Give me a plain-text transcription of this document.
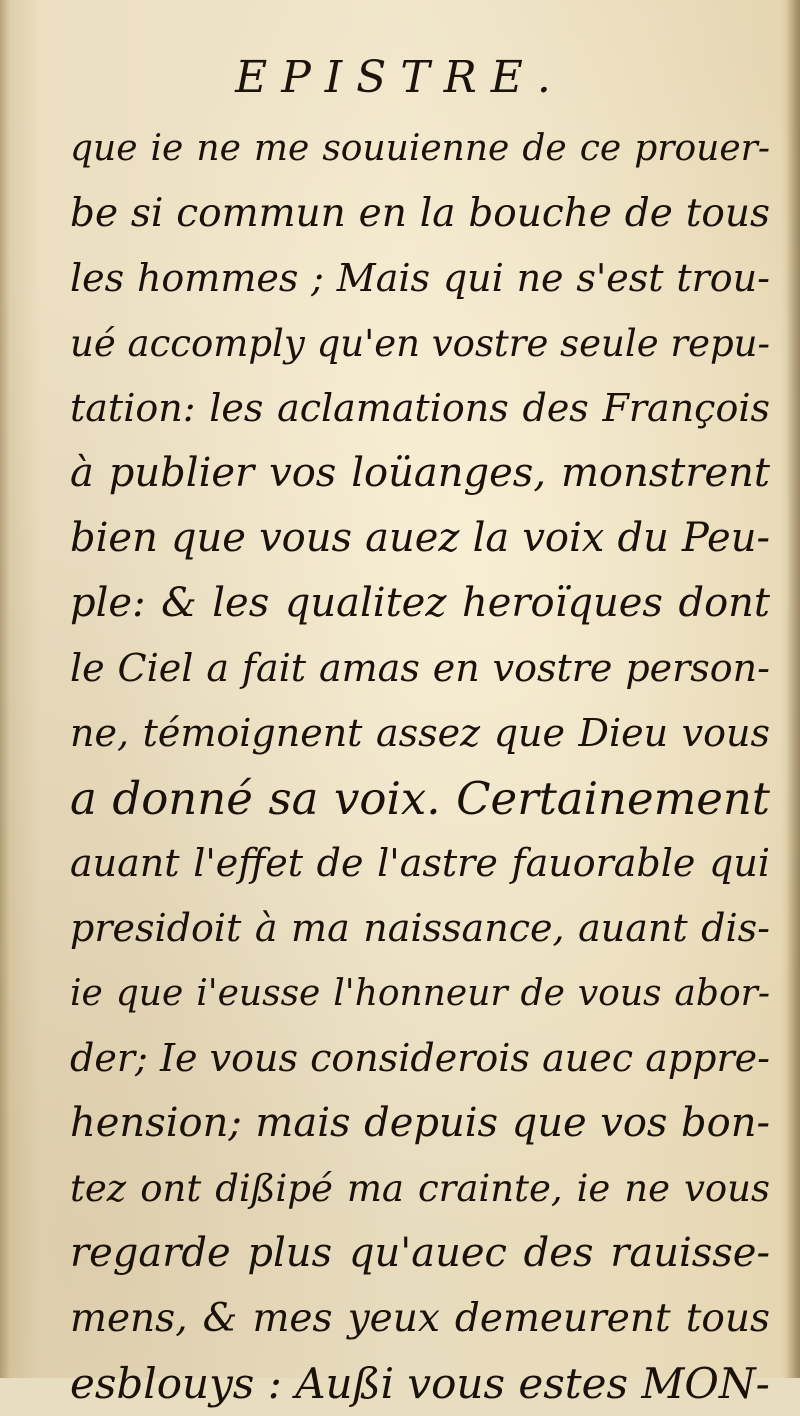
EPISTRE.
que ie ne me souuienne de ce prouer-
be si commun en la bouche de tous
les hommes ; Mais qui ne s'est trou-
ué accomply qu'en vostre seule repu-
tation: les aclamations des François
à publier vos loüanges, monstrent
bien que vous auez la voix du Peu-
ple: & les qualitez heroïques dont
le Ciel a fait amas en vostre person-
ne, témoignent assez que Dieu vous
a donné sa voix. Certainement
auant l'effet de l'astre fauorable qui
presidoit à ma naissance, auant dis-
ie que i'eusse l'honneur de vous abor-
der; Ie vous considerois auec appre-
hension; mais depuis que vos bon-
tez ont dißipé ma crainte, ie ne vous
regarde plus qu'auec des rauisse-
mens, & mes yeux demeurent tous
esblouys : Außi vous estes MON-
